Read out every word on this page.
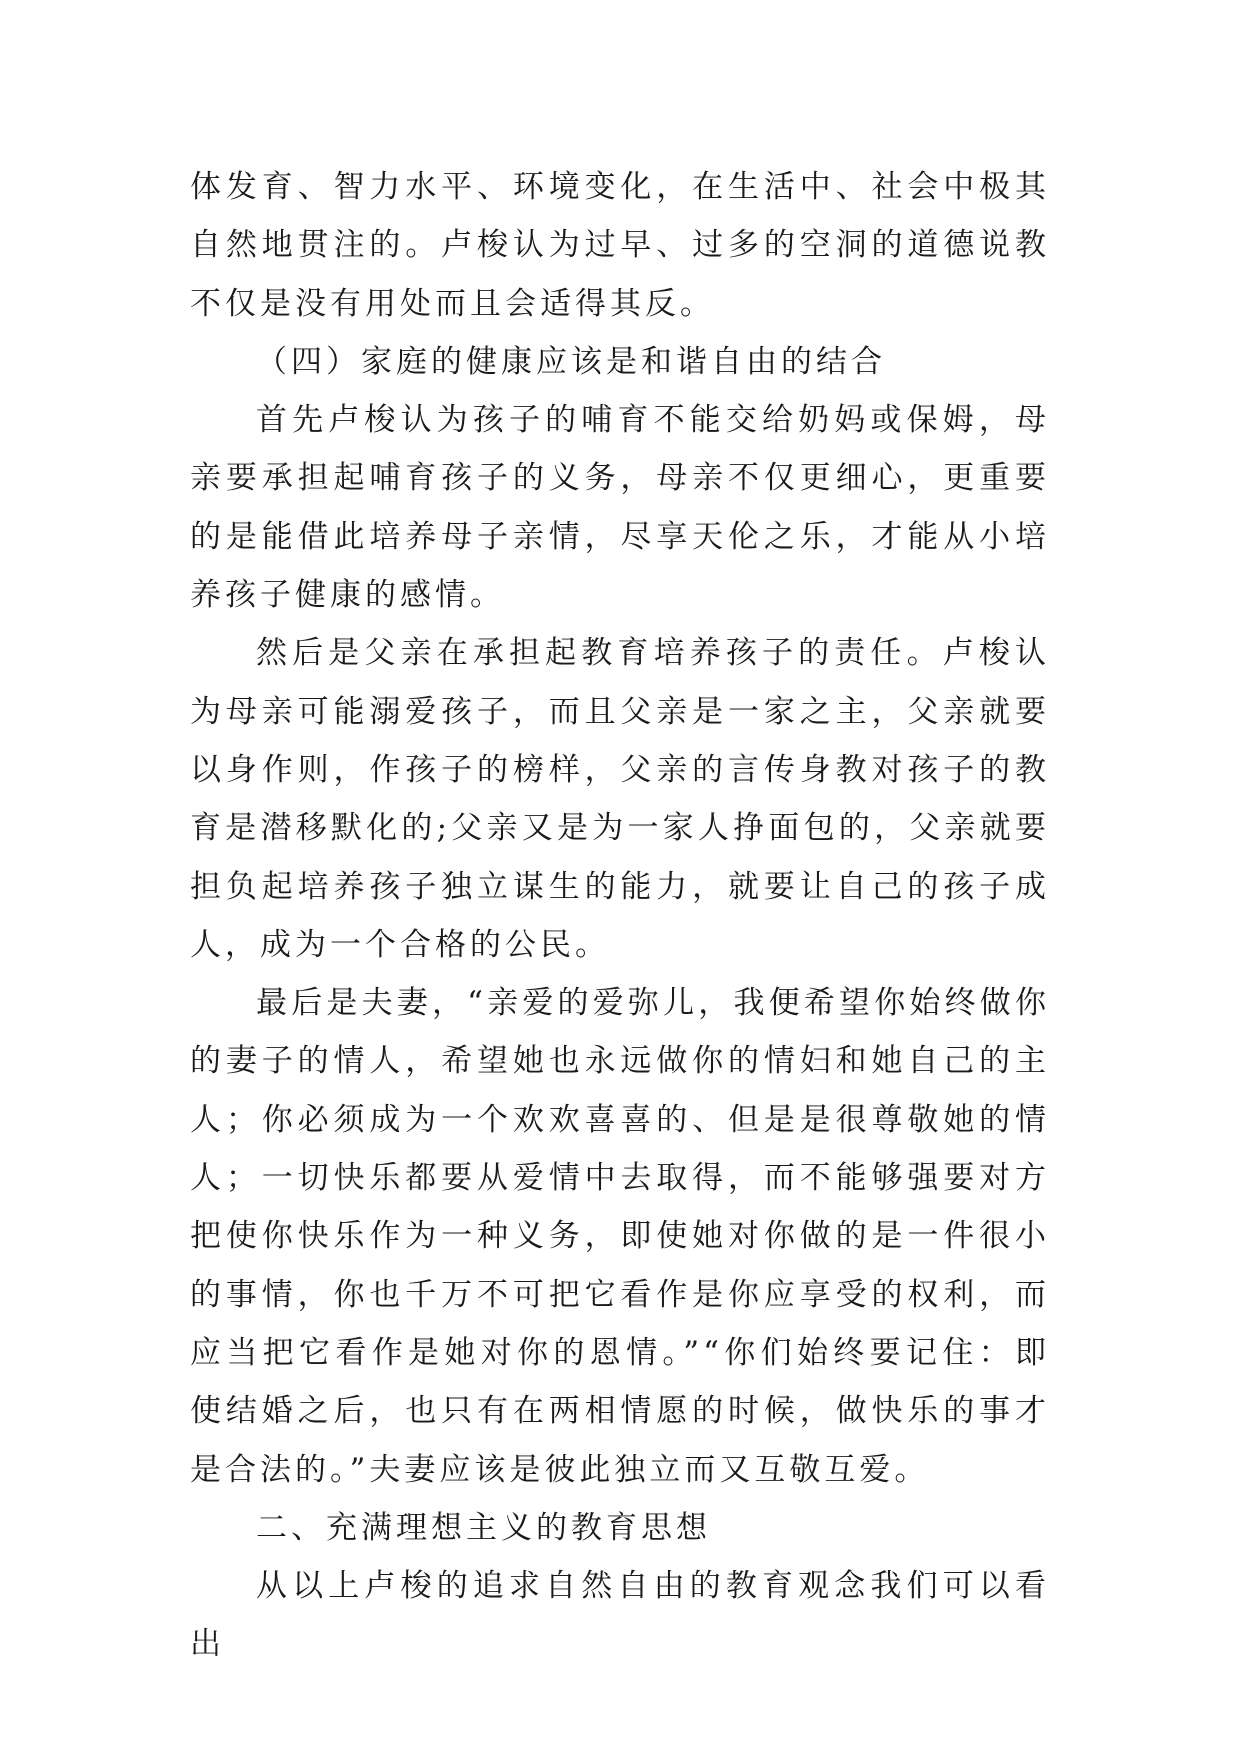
体发育、智力水平、环境变化，在生活中、社会中极其自然地贯注的。卢梭认为过早、过多的空洞的道德说教不仅是没有用处而且会适得其反。

（四）家庭的健康应该是和谐自由的结合

首先卢梭认为孩子的哺育不能交给奶妈或保姆，母亲要承担起哺育孩子的义务，母亲不仅更细心，更重要的是能借此培养母子亲情，尽享天伦之乐，才能从小培养孩子健康的感情。

然后是父亲在承担起教育培养孩子的责任。卢梭认为母亲可能溺爱孩子，而且父亲是一家之主，父亲就要以身作则，作孩子的榜样，父亲的言传身教对孩子的教育是潜移默化的;父亲又是为一家人挣面包的，父亲就要担负起培养孩子独立谋生的能力，就要让自己的孩子成人，成为一个合格的公民。

最后是夫妻，“亲爱的爱弥儿，我便希望你始终做你的妻子的情人，希望她也永远做你的情妇和她自己的主人；你必须成为一个欢欢喜喜的、但是是很尊敬她的情人；一切快乐都要从爱情中去取得，而不能够强要对方把使你快乐作为一种义务，即使她对你做的是一件很小的事情，你也千万不可把它看作是你应享受的权利，而应当把它看作是她对你的恩情。”“你们始终要记住：即使结婚之后，也只有在两相情愿的时候，做快乐的事才是合法的。”夫妻应该是彼此独立而又互敬互爱。

二、充满理想主义的教育思想

从以上卢梭的追求自然自由的教育观念我们可以看出
